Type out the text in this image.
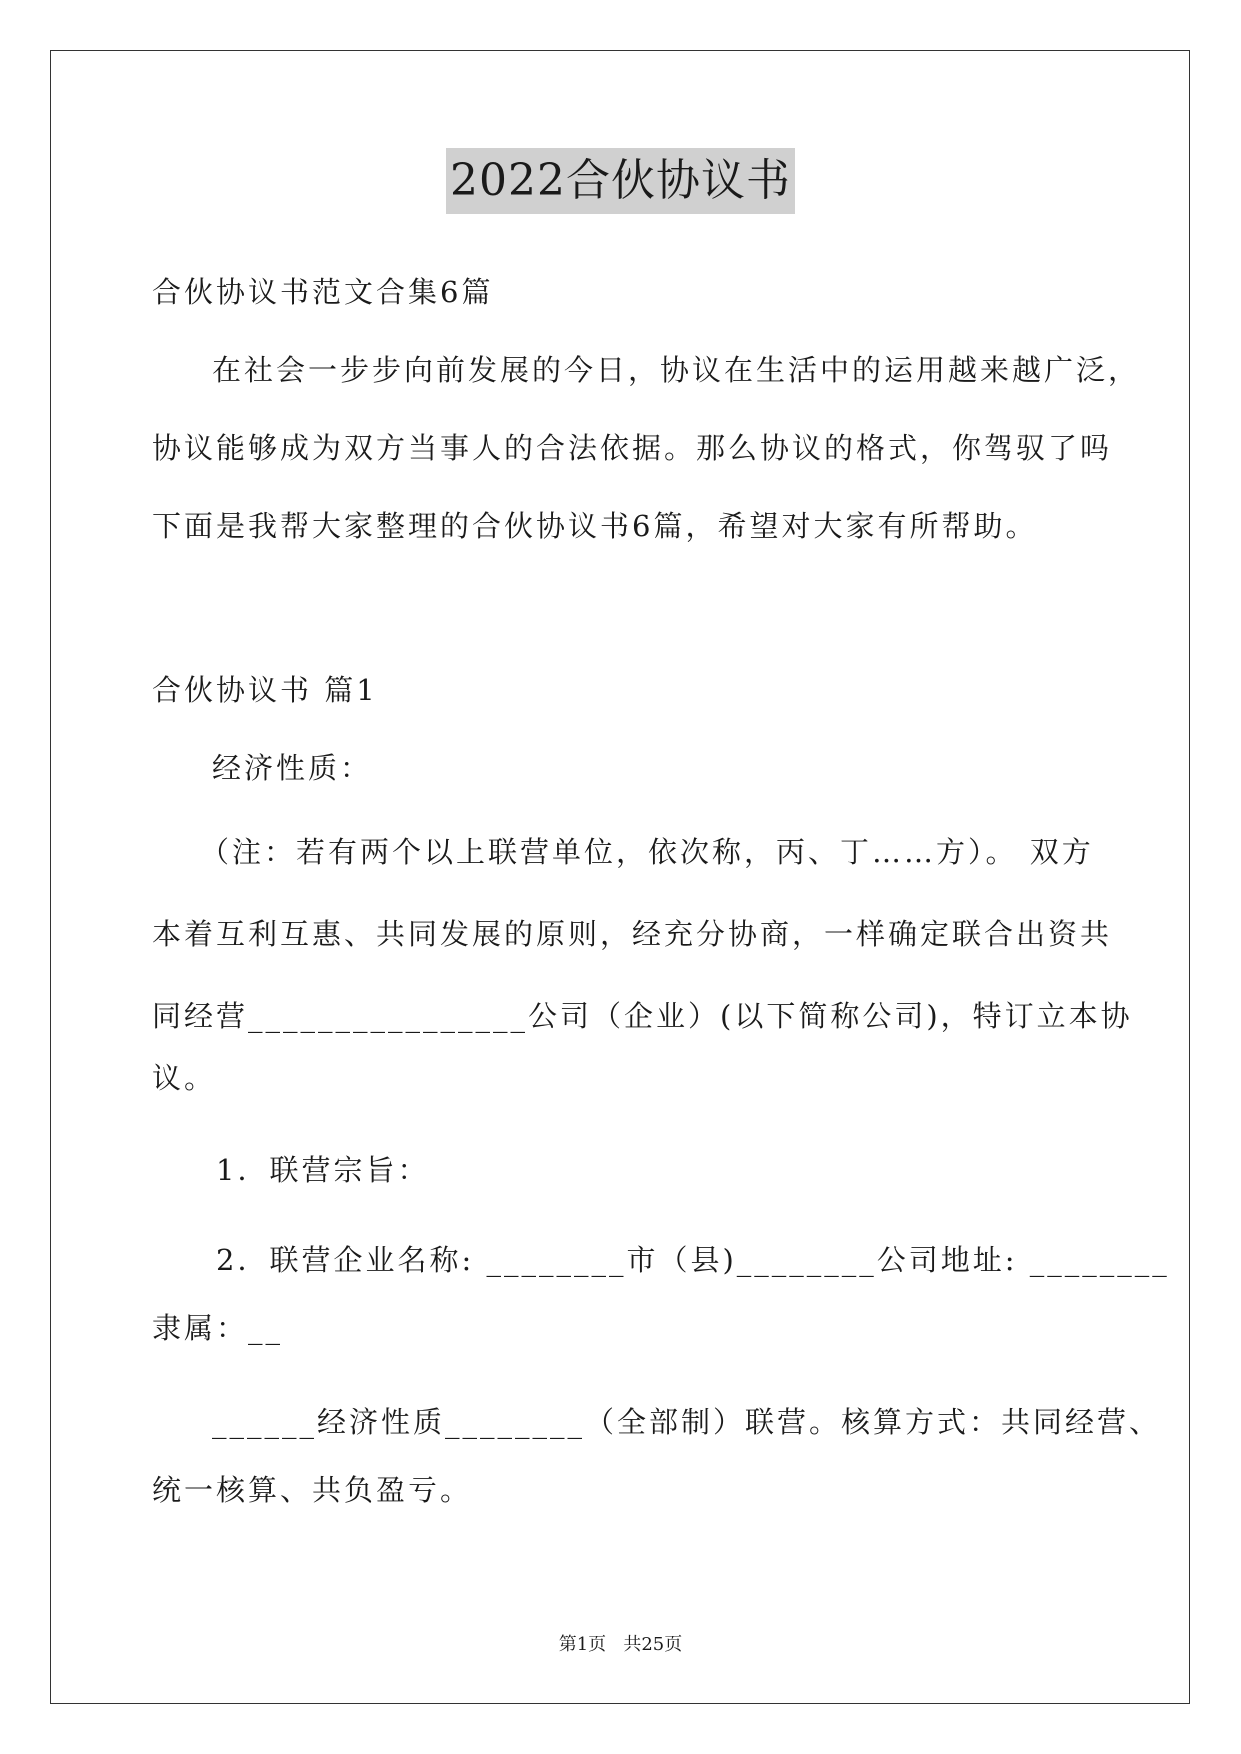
2022合伙协议书
合伙协议书范文合集6篇
在社会一步步向前发展的今日，协议在生活中的运用越来越广泛，
协议能够成为双方当事人的合法依据。那么协议的格式，你驾驭了吗
下面是我帮大家整理的合伙协议书6篇，希望对大家有所帮助。
合伙协议书 篇1
经济性质：
（注：若有两个以上联营单位，依次称，丙、丁……方）。 双方
本着互利互惠、共同发展的原则，经充分协商，一样确定联合出资共
同经营________________公司（企业）(以下简称公司)，特订立本协
议。
1．联营宗旨：
2．联营企业名称: ________市（县)________公司地址: ________
隶属：__
______经济性质________（全部制）联营。核算方式：共同经营、
统一核算、共负盈亏。
第1页   共25页
